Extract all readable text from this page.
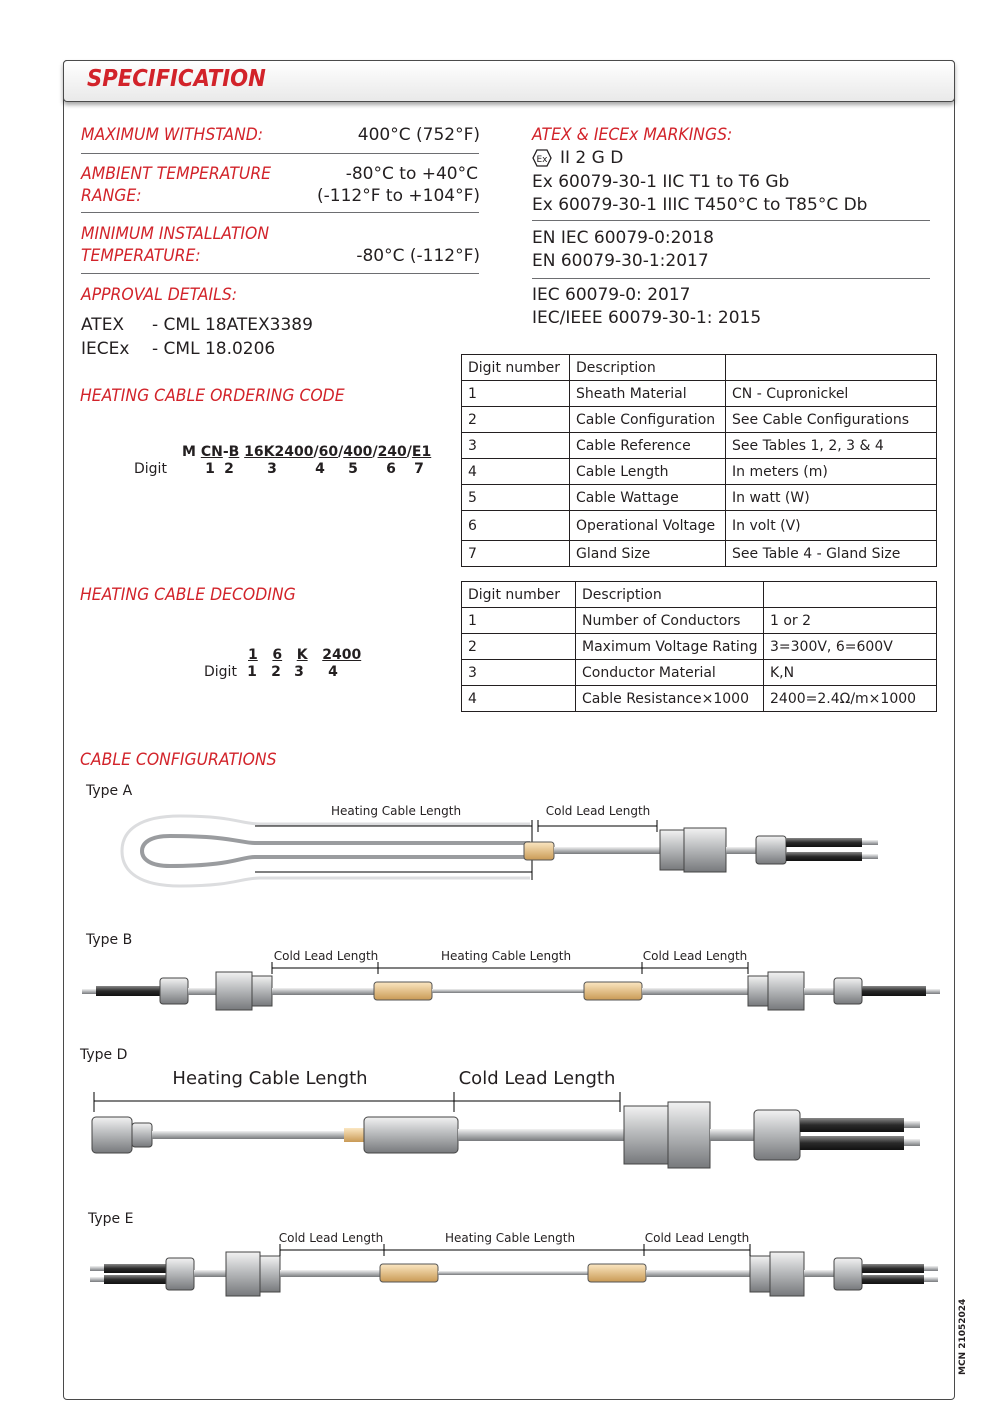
SPECIFICATION
MAXIMUM WITHSTAND:	400°C (752°F)
AMBIENT TEMPERATURE
RANGE:
-80°C to +40°C
(-112°F to +104°F)
MINIMUM INSTALLATION
TEMPERATURE:	-80°C (-112°F)
APPROVAL DETAILS:
ATEX - CML 18ATEX3389
IECEx - CML 18.0206
ATEX & IECEx MARKINGS:
Ex II 2 G D
Ex 60079-30-1 IIC T1 to T6 Gb
Ex 60079-30-1 IIIC T450°C to T85°C Db
EN IEC 60079-0:2018
EN 60079-30-1:2017
IEC 60079-0: 2017
IEC/IEEE 60079-30-1: 2015
HEATING CABLE ORDERING CODE
M CN-B 16K2400/60/400/240/E1
Digit	1 2	3	4	5	6	7
Digit number	Description	
1	Sheath Material	CN - Cupronickel
2	Cable Configuration	See Cable Configurations
3	Cable Reference	See Tables 1, 2, 3 & 4
4	Cable Length	In meters (m)
5	Cable Wattage	In watt (W)
6	Operational Voltage	In volt (V)
7	Gland Size	See Table 4 - Gland Size
HEATING CABLE DECODING
1 6 K 2400
Digit 1	2 3	4
Digit number	Description	
1	Number of Conductors	1 or 2
2	Maximum Voltage Rating	3=300V, 6=600V
3	Conductor Material	K,N
4	Cable Resistance×1000	2400=2.4Ω/m×1000
CABLE CONFIGURATIONS
Type A
Heating Cable Length	Cold Lead Length
Type B
Cold Lead Length	Heating Cable Length	Cold Lead Length
Type D
Heating Cable Length	Cold Lead Length
Type E
Cold Lead Length	Heating Cable Length	Cold Lead Length
MCN 21052024
